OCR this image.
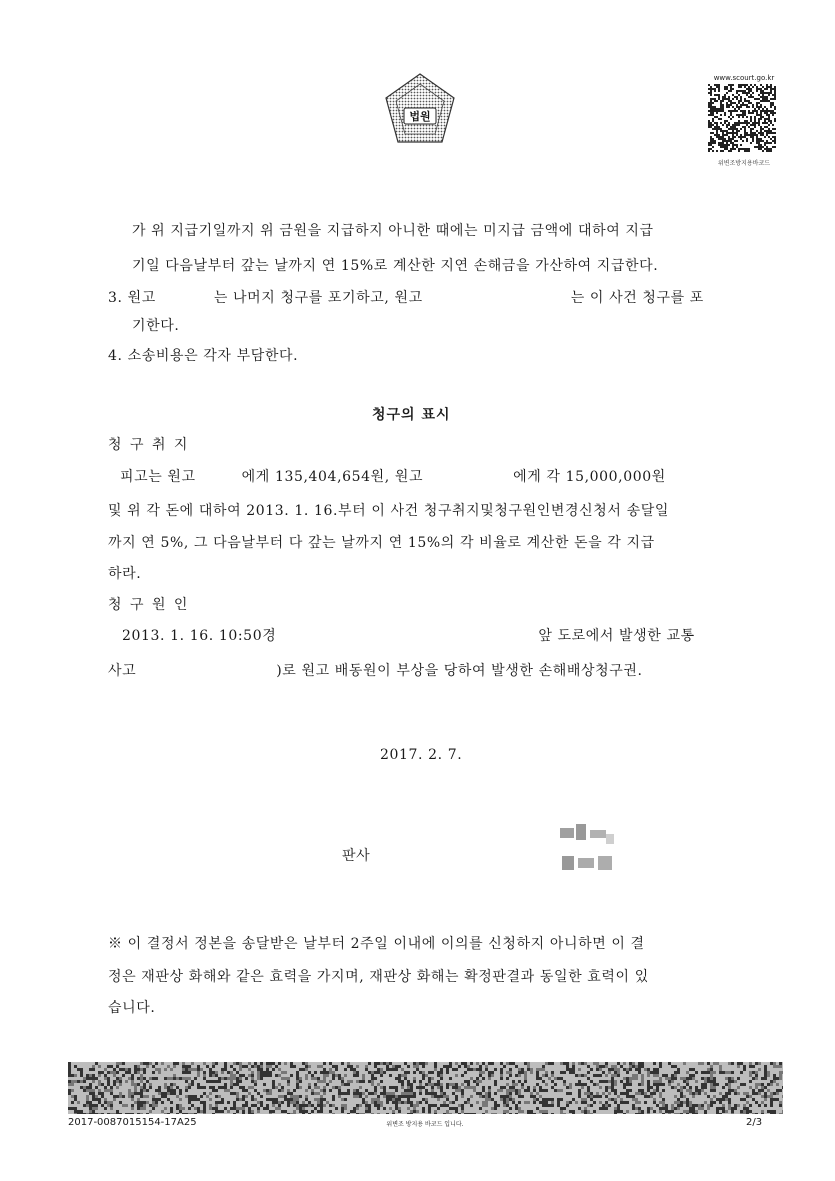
법원
www.scourt.go.kr
위변조방지용바코드
가 위 지급기일까지 위 금원을 지급하지 아니한 때에는 미지급 금액에 대하여 지급
기일 다음날부터 갚는 날까지 연 15%로 계산한 지연 손해금을 가산하여 지급한다.
3. 원고	는 나머지 청구를 포기하고, 원고	는 이 사건 청구를 포
기한다.
4. 소송비용은 각자 부담한다.
청구의 표시
청 구 취 지
피고는 원고	에게 135,404,654원, 원고	에게 각 15,000,000원
및 위 각 돈에 대하여 2013. 1. 16.부터 이 사건 청구취지및청구원인변경신청서 송달일
까지 연 5%, 그 다음날부터 다 갚는 날까지 연 15%의 각 비율로 계산한 돈을 각 지급
하라.
청 구 원 인
2013. 1. 16. 10:50경	앞 도로에서 발생한 교통
사고	)로 원고 배동원이 부상을 당하여 발생한 손해배상청구권.
2017. 2. 7.
판사
※ 이 결정서 정본을 송달받은 날부터 2주일 이내에 이의를 신청하지 아니하면 이 결
정은 재판상 화해와 같은 효력을 가지며, 재판상 화해는 확정판결과 동일한 효력이 있
습니다.
2017-0087015154-17A25	위변조 방지용 바코드 입니다.	2/3
